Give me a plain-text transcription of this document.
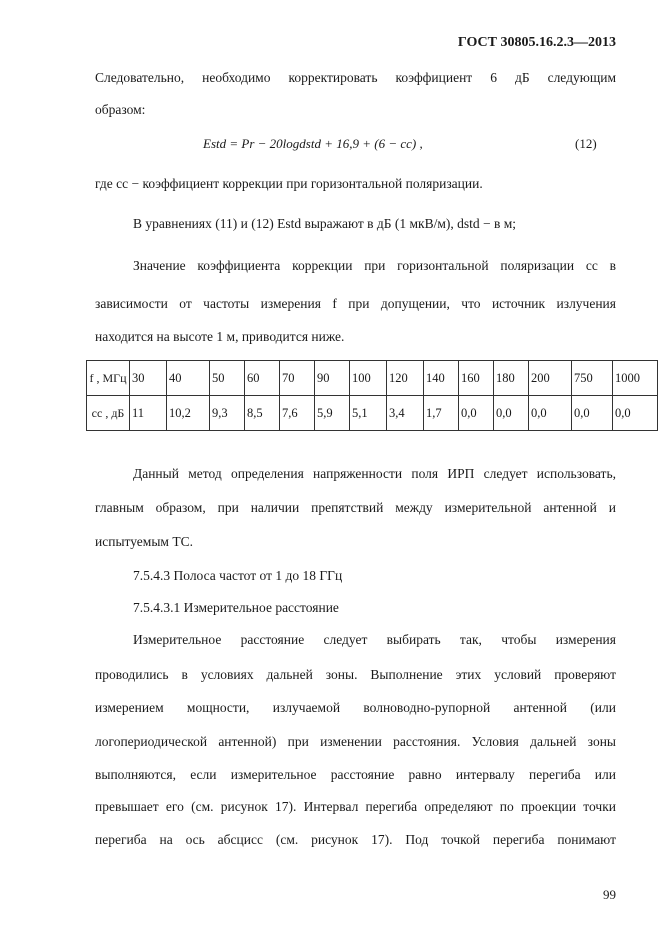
ГОСТ 30805.16.2.3—2013

Следовательно, необходимо корректировать коэффициент 6 дБ следующим

образом:

Estd = Pr − 20logdstd + 16,9 + (6 − cc) ,	(12)

где cc − коэффициент коррекции при горизонтальной поляризации.

В уравнениях (11) и (12) Estd выражают в дБ (1 мкВ/м), dstd − в м;

Значение коэффициента коррекции при горизонтальной поляризации cc в

зависимости от частоты измерения f при допущении, что источник излучения

находится на высоте 1 м, приводится ниже.

f , МГц	30	40	50	60	70	90	100	120	140	160	180	200	750	1000
cc , дБ	11	10,2	9,3	8,5	7,6	5,9	5,1	3,4	1,7	0,0	0,0	0,0	0,0	0,0

Данный метод определения напряженности поля ИРП следует использовать,

главным образом, при наличии препятствий между измерительной антенной и

испытуемым ТС.

7.5.4.3 Полоса частот от 1 до 18 ГГц

7.5.4.3.1 Измерительное расстояние

Измерительное расстояние следует выбирать так, чтобы измерения

проводились в условиях дальней зоны. Выполнение этих условий проверяют

измерением мощности, излучаемой волноводно-рупорной антенной (или

логопериодической антенной) при изменении расстояния. Условия дальней зоны

выполняются, если измерительное расстояние равно интервалу перегиба или

превышает его (см. рисунок 17). Интервал перегиба определяют по проекции точки

перегиба на ось абсцисс (см. рисунок 17). Под точкой перегиба понимают

99
